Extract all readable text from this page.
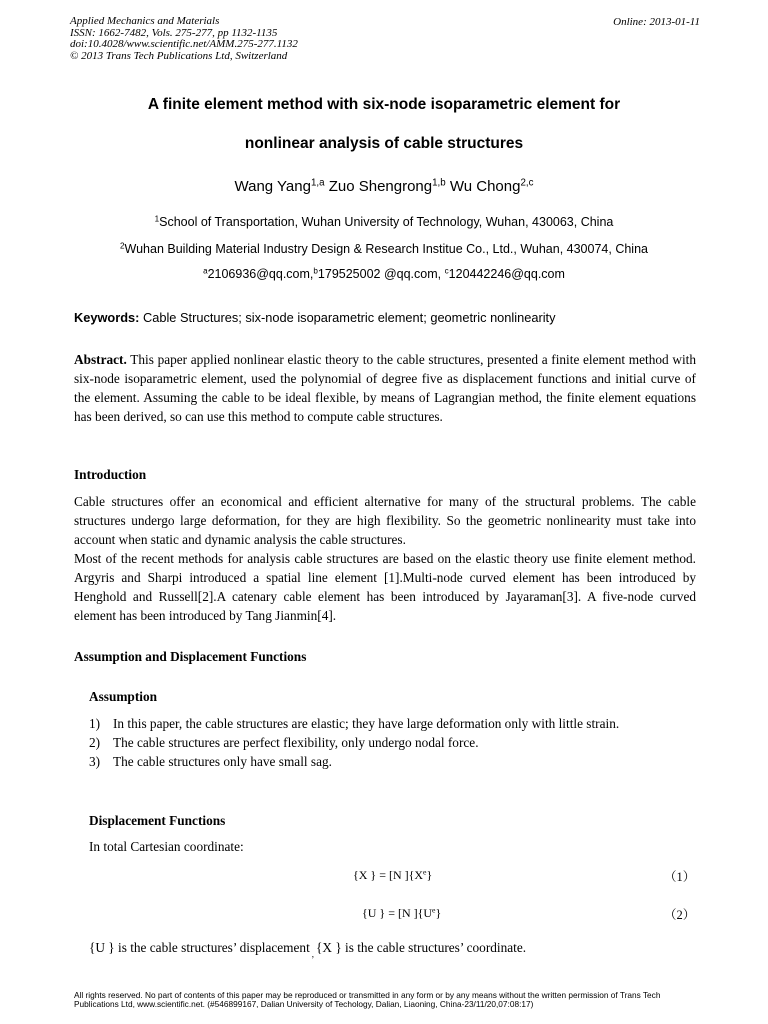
Applied Mechanics and Materials
ISSN: 1662-7482, Vols. 275-277, pp 1132-1135
doi:10.4028/www.scientific.net/AMM.275-277.1132
© 2013 Trans Tech Publications Ltd, Switzerland
Online: 2013-01-11
A finite element method with six-node isoparametric element for
nonlinear analysis of cable structures
Wang Yang$^{1,a}$ Zuo Shengrong$^{1,b}$ Wu Chong$^{2,c}$
$^1$School of Transportation, Wuhan University of Technology, Wuhan, 430063, China
$^2$Wuhan Building Material Industry Design & Research Institue Co., Ltd., Wuhan, 430074, China
$^a$2106936@qq.com,$^b$179525002 @qq.com, $^c$120442246@qq.com
Keywords: Cable Structures; six-node isoparametric element; geometric nonlinearity

Abstract. This paper applied nonlinear elastic theory to the cable structures, presented a finite element method with six-node isoparametric element, used the polynomial of degree five as displacement functions and initial curve of the element. Assuming the cable to be ideal flexible, by means of Lagrangian method, the finite element equations has been derived, so can use this method to compute cable structures.

Introduction

Cable structures offer an economical and efficient alternative for many of the structural problems. The cable structures undergo large deformation, for they are high flexibility. So the geometric nonlinearity must take into account when static and dynamic analysis the cable structures.

Most of the recent methods for analysis cable structures are based on the elastic theory use finite element method. Argyris and Sharpi introduced a spatial line element [1].Multi-node curved element has been introduced by Henghold and Russell[2].A catenary cable element has been introduced by Jayaraman[3]. A five-node curved element has been introduced by Tang Jianmin[4].

Assumption and Displacement Functions
Assumption
1) In this paper, the cable structures are elastic; they have large deformation only with little strain.
2) The cable structures are perfect flexibility, only undergo nodal force.
3) The cable structures only have small sag.
Displacement Functions
In total Cartesian coordinate:
{X } = [N ]{Xe}	（1）
{U } = [N ]$\{U^e\}$	（2）
{U } is the cable structures’ displacement $_,$ {X } is the cable structures’ coordinate.
All rights reserved. No part of contents of this paper may be reproduced or transmitted in any form or by any means without the written permission of Trans Tech Publications Ltd, www.scientific.net. (#546899167, Dalian University of Techology, Dalian, Liaoning, China-23/11/20,07:08:17)
